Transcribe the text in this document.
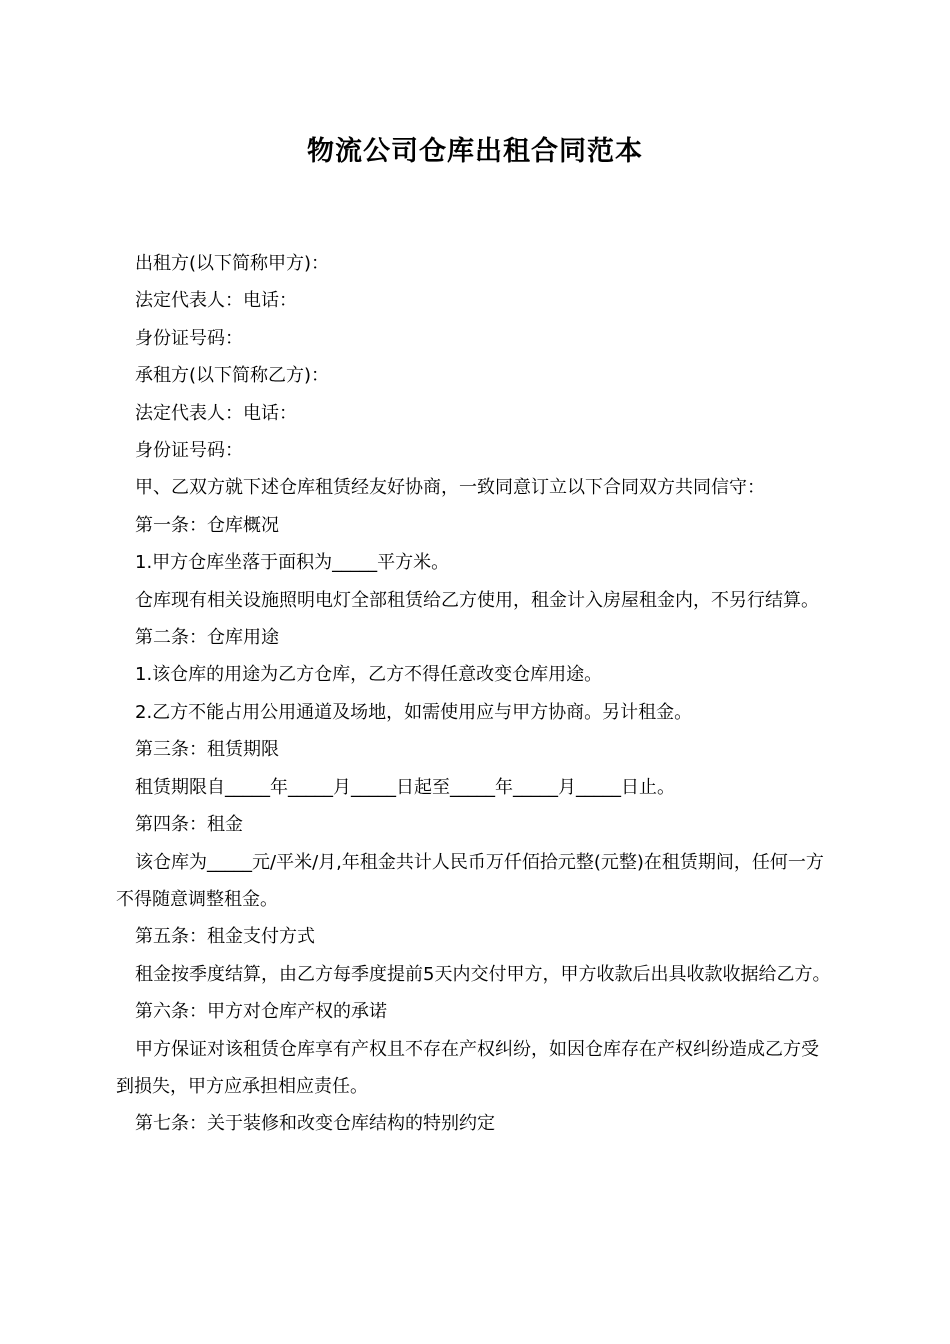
物流公司仓库出租合同范本

出租方(以下简称甲方)：

法定代表人：电话：

身份证号码：

承租方(以下简称乙方)：

法定代表人：电话：

身份证号码：

甲、乙双方就下述仓库租赁经友好协商，一致同意订立以下合同双方共同信守：

第一条：仓库概况

1.甲方仓库坐落于面积为_____平方米。

仓库现有相关设施照明电灯全部租赁给乙方使用，租金计入房屋租金内，不另行结算。

第二条：仓库用途

1.该仓库的用途为乙方仓库，乙方不得任意改变仓库用途。

2.乙方不能占用公用通道及场地，如需使用应与甲方协商。另计租金。

第三条：租赁期限

租赁期限自_____年_____月_____日起至_____年_____月_____日止。

第四条：租金

该仓库为_____元/平米/月,年租金共计人民币万仟佰拾元整(元整)在租赁期间，任何一方不得随意调整租金。

第五条：租金支付方式

租金按季度结算，由乙方每季度提前5天内交付甲方，甲方收款后出具收款收据给乙方。

第六条：甲方对仓库产权的承诺

甲方保证对该租赁仓库享有产权且不存在产权纠纷，如因仓库存在产权纠纷造成乙方受到损失，甲方应承担相应责任。

第七条：关于装修和改变仓库结构的特别约定
